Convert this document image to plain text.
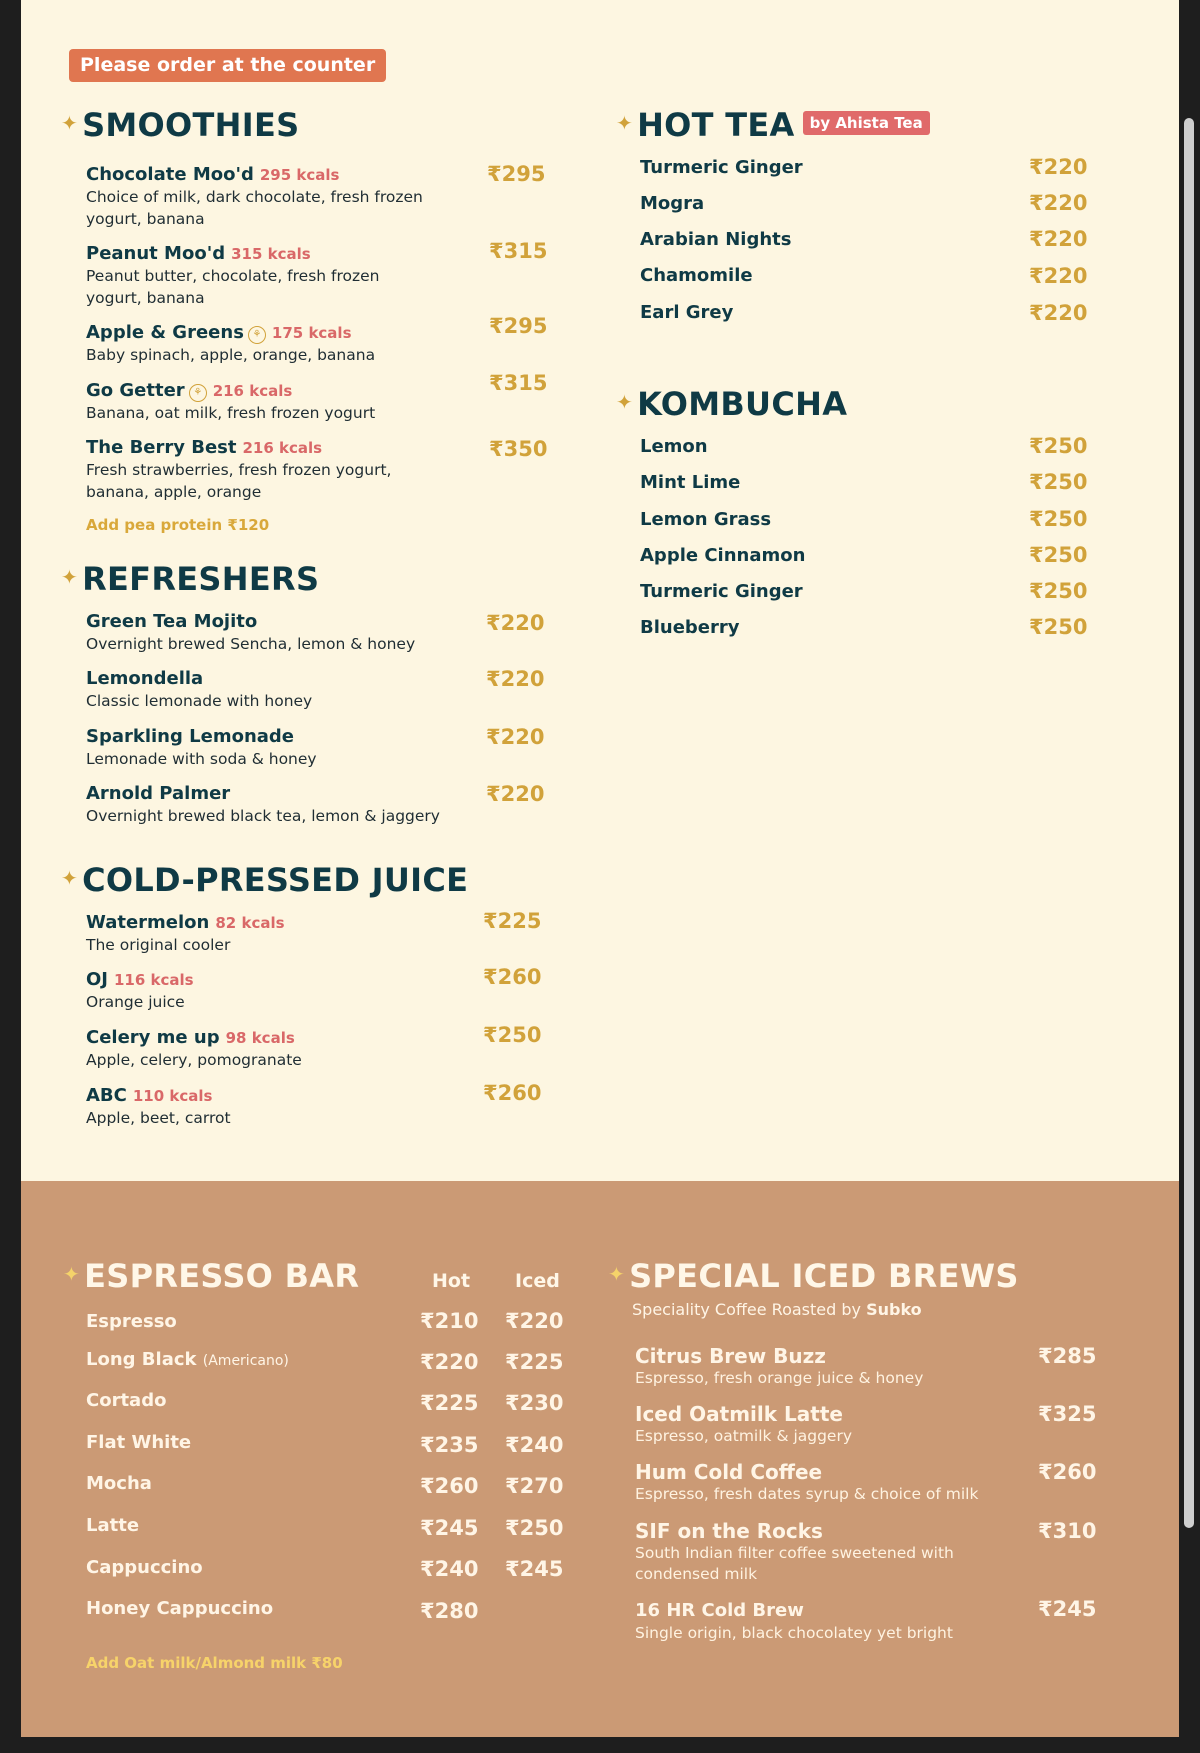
Please order at the counter
✦ SMOOTHIES
Chocolate Moo'd 295 kcals
Choice of milk, dark chocolate, fresh frozen yogurt, banana
₹295
Peanut Moo'd 315 kcals
Peanut butter, chocolate, fresh frozen yogurt, banana
₹315
Apple & Greens ⚘ 175 kcals
Baby spinach, apple, orange, banana
₹295
Go Getter ⚘ 216 kcals
Banana, oat milk, fresh frozen yogurt
₹315
The Berry Best 216 kcals
Fresh strawberries, fresh frozen yogurt, banana, apple, orange
₹350
Add pea protein ₹120
✦ REFRESHERS
Green Tea Mojito
Overnight brewed Sencha, lemon & honey
₹220
Lemondella
Classic lemonade with honey
₹220
Sparkling Lemonade
Lemonade with soda & honey
₹220
Arnold Palmer
Overnight brewed black tea, lemon & jaggery
₹220
✦ COLD-PRESSED JUICE
Watermelon 82 kcals
The original cooler
₹225
OJ 116 kcals
Orange juice
₹260
Celery me up 98 kcals
Apple, celery, pomogranate
₹250
ABC 110 kcals
Apple, beet, carrot
₹260
✦ HOT TEA by Ahista Tea
Turmeric Ginger	₹220
Mogra	₹220
Arabian Nights	₹220
Chamomile	₹220
Earl Grey	₹220
✦ KOMBUCHA
Lemon	₹250
Mint Lime	₹250
Lemon Grass	₹250
Apple Cinnamon	₹250
Turmeric Ginger	₹250
Blueberry	₹250
✦ ESPRESSO BAR	Hot Iced
Espresso	₹210 ₹220
Long Black (Americano)	₹220 ₹225
Cortado	₹225 ₹230
Flat White	₹235 ₹240
Mocha	₹260 ₹270
Latte	₹245 ₹250
Cappuccino	₹240 ₹245
Honey Cappuccino	₹280
Add Oat milk/Almond milk ₹80
✦ SPECIAL ICED BREWS
Speciality Coffee Roasted by Subko
Citrus Brew Buzz
Espresso, fresh orange juice & honey
₹285
Iced Oatmilk Latte
Espresso, oatmilk & jaggery
₹325
Hum Cold Coffee
Espresso, fresh dates syrup & choice of milk
₹260
SIF on the Rocks
South Indian filter coffee sweetened with condensed milk
₹310
16 HR Cold Brew
Single origin, black chocolatey yet bright
₹245
